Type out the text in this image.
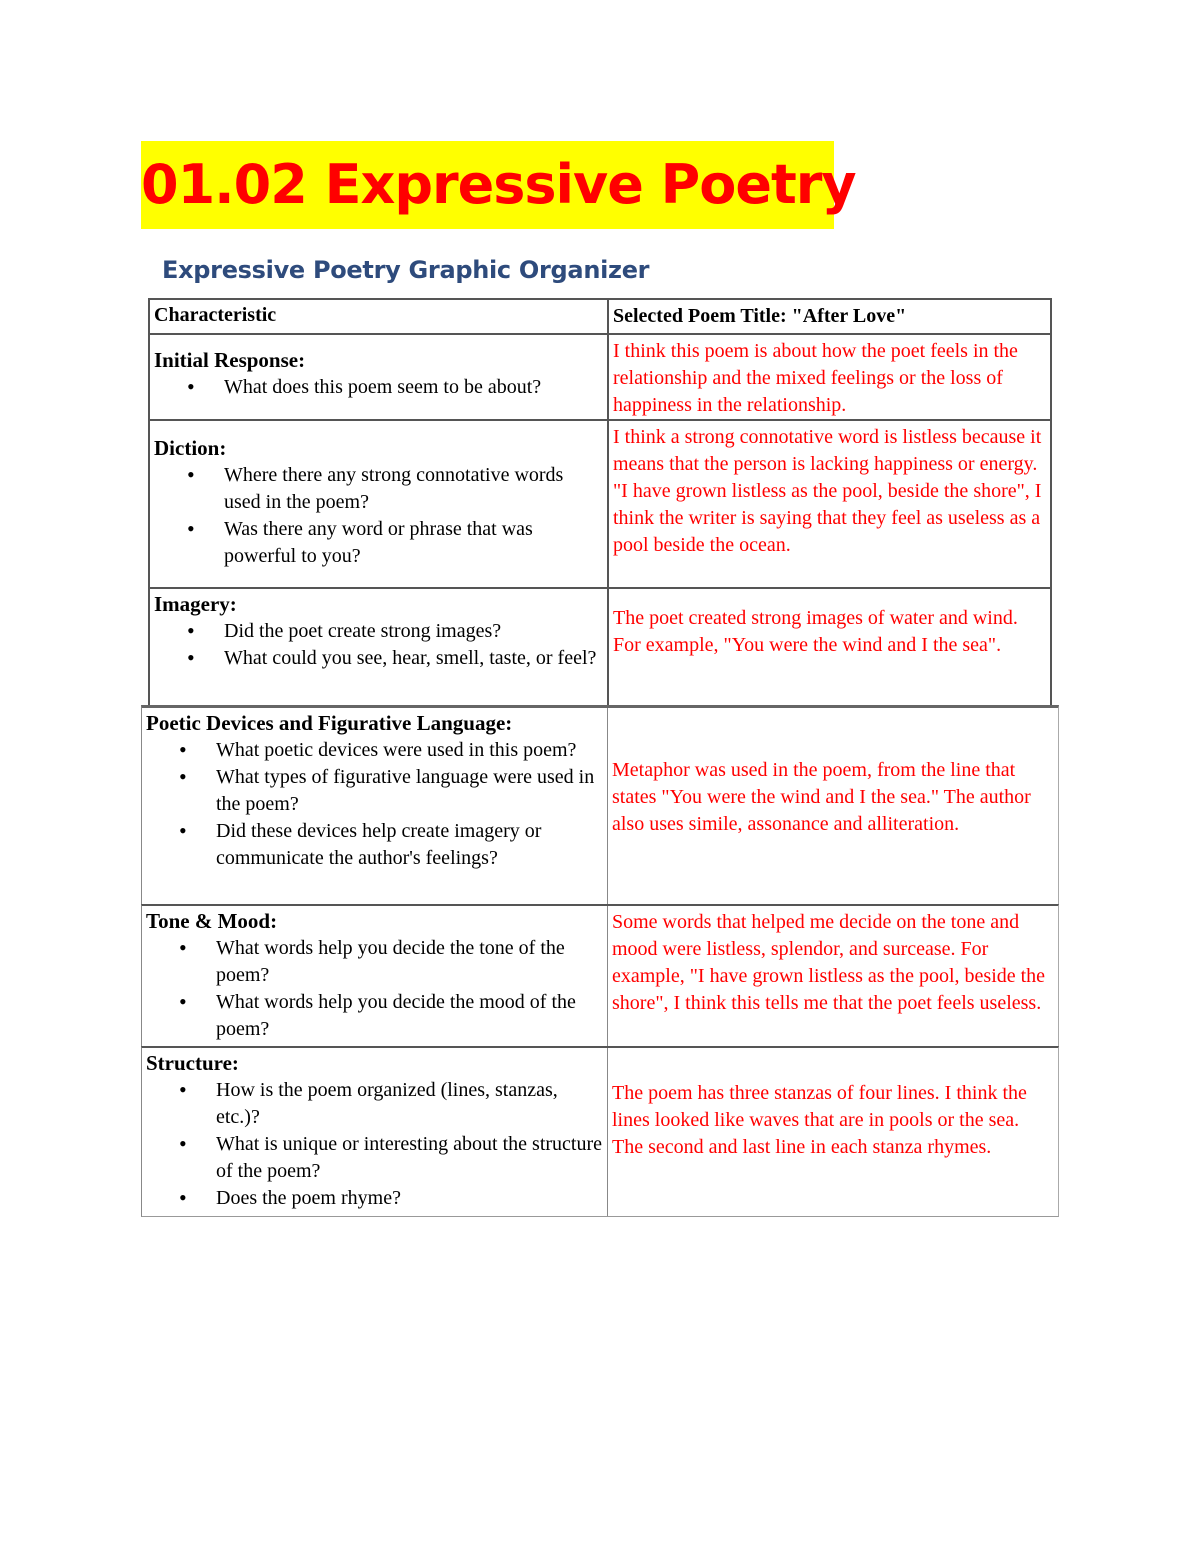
01.02 Expressive Poetry
Expressive Poetry Graphic Organizer
Characteristic	Selected Poem Title: "After Love"
Initial Response:
• What does this poem seem to be about?
I think this poem is about how the poet feels in the relationship and the mixed feelings or the loss of happiness in the relationship.
Diction:
• Where there any strong connotative words used in the poem?
• Was there any word or phrase that was powerful to you?
I think a strong connotative word is listless because it means that the person is lacking happiness or energy. "I have grown listless as the pool, beside the shore", I think the writer is saying that they feel as useless as a pool beside the ocean.
Imagery:
• Did the poet create strong images?
• What could you see, hear, smell, taste, or feel?
The poet created strong images of water and wind. For example, "You were the wind and I the sea".
Poetic Devices and Figurative Language:
• What poetic devices were used in this poem?
• What types of figurative language were used in the poem?
• Did these devices help create imagery or communicate the author's feelings?
Metaphor was used in the poem, from the line that states "You were the wind and I the sea." The author also uses simile, assonance and alliteration.
Tone & Mood:
• What words help you decide the tone of the poem?
• What words help you decide the mood of the poem?
Some words that helped me decide on the tone and mood were listless, splendor, and surcease. For example, "I have grown listless as the pool, beside the shore", I think this tells me that the poet feels useless.
Structure:
• How is the poem organized (lines, stanzas, etc.)?
• What is unique or interesting about the structure of the poem?
• Does the poem rhyme?
The poem has three stanzas of four lines. I think the lines looked like waves that are in pools or the sea. The second and last line in each stanza rhymes.
